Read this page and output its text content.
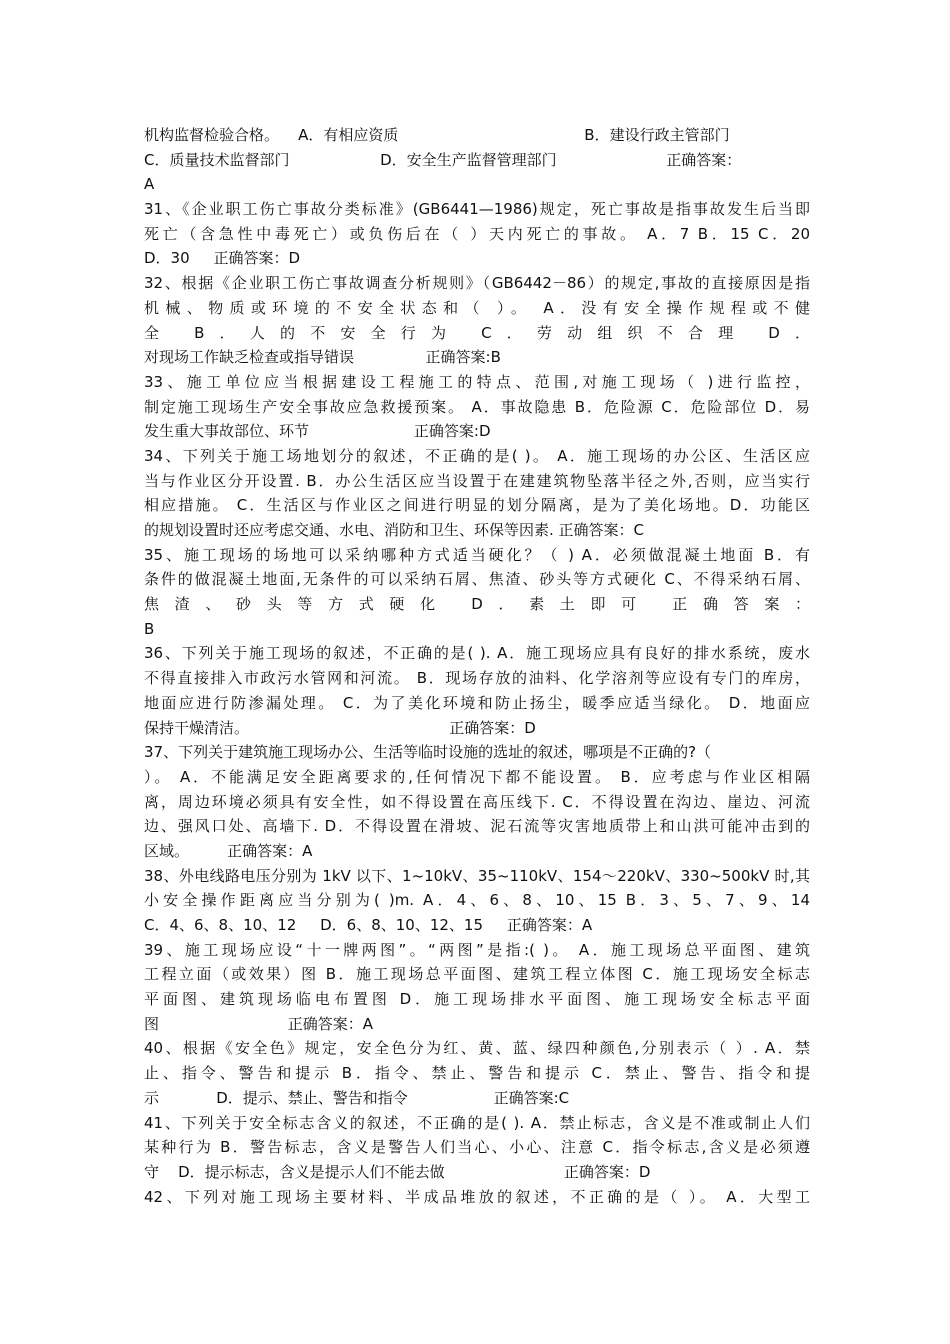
机构监督检验合格。    A．有相应资质                                       B．建设行政主管部门
C．质量技术监督部门                   D．安全生产监督管理部门                       正确答案：
A
31、《企业职工伤亡事故分类标准》(GB6441—1986)规定，死亡事故是指事故发生后当即
死亡（含急性中毒死亡）或负伤后在（ ）天内死亡的事故。 A．7 B．15 C．20
D．30     正确答案：D
32、根据《企业职工伤亡事故调查分析规则》（GB6442－86）的规定,事故的直接原因是指
机械、物质或环境的不安全状态和（ ）。 A．没有安全操作规程或不健
全 B．人的不安全行为 C．劳动组织不合理 D．
对现场工作缺乏检查或指导错误               正确答案:B
33、施工单位应当根据建设工程施工的特点、范围,对施工现场（ )进行监控，
制定施工现场生产安全事故应急救援预案。 A．事故隐患 B．危险源 C．危险部位 D．易
发生重大事故部位、环节                      正确答案:D
34、下列关于施工场地划分的叙述，不正确的是( )。 A．施工现场的办公区、生活区应
当与作业区分开设置. B．办公生活区应当设置于在建建筑物坠落半径之外,否则，应当实行
相应措施。 C．生活区与作业区之间进行明显的划分隔离，是为了美化场地。D．功能区
的规划设置时还应考虑交通、水电、消防和卫生、环保等因素. 正确答案：C
35、施工现场的场地可以采纳哪种方式适当硬化？（ ) A．必须做混凝土地面 B．有
条件的做混凝土地面,无条件的可以采纳石屑、焦渣、砂头等方式硬化 C、不得采纳石屑、
焦渣、砂头等方式硬化 D．素土即可 正确答案：
B
36、下列关于施工现场的叙述，不正确的是( ). A．施工现场应具有良好的排水系统，废水
不得直接排入市政污水管网和河流。 B．现场存放的油料、化学溶剂等应设有专门的库房，
地面应进行防渗漏处理。 C．为了美化环境和防止扬尘，暖季应适当绿化。 D．地面应
保持干燥清洁。                                          正确答案：D
37、下列关于建筑施工现场办公、生活等临时设施的选址的叙述，哪项是不正确的?（
）。 A．不能满足安全距离要求的,任何情况下都不能设置。 B．应考虑与作业区相隔
离，周边环境必须具有安全性，如不得设置在高压线下. C．不得设置在沟边、崖边、河流
边、强风口处、高墙下. D．不得设置在滑坡、泥石流等灾害地质带上和山洪可能冲击到的
区域。        正确答案：A
38、外电线路电压分别为 1kV 以下、1~10kV、35~110kV、154～220kV、330~500kV 时,其
小安全操作距离应当分别为( )m. A．4、6、8、10、15 B．3、5、7、9、14
C．4、6、8、10、12     D．6、8、10、12、15     正确答案：A
39、施工现场应设“十一牌两图”。“两图”是指:( )。 A．施工现场总平面图、建筑
工程立面（或效果）图 B．施工现场总平面图、建筑工程立体图 C．施工现场安全标志
平面图、建筑现场临电布置图 D．施工现场排水平面图、施工现场安全标志平面
图                           正确答案：A
40、根据《安全色》规定，安全色分为红、黄、蓝、绿四种颜色,分别表示（ ）. A．禁
止、指令、警告和提示 B．指令、禁止、警告和提示 C．禁止、警告、指令和提
示            D．提示、禁止、警告和指令                  正确答案:C
41、下列关于安全标志含义的叙述，不正确的是( ). A．禁止标志，含义是不准或制止人们
某种行为 B．警告标志，含义是警告人们当心、小心、注意 C．指令标志,含义是必须遵
守    D．提示标志，含义是提示人们不能去做                         正确答案：D
42、下列对施工现场主要材料、半成品堆放的叙述，不正确的是（ ）。 A．大型工
